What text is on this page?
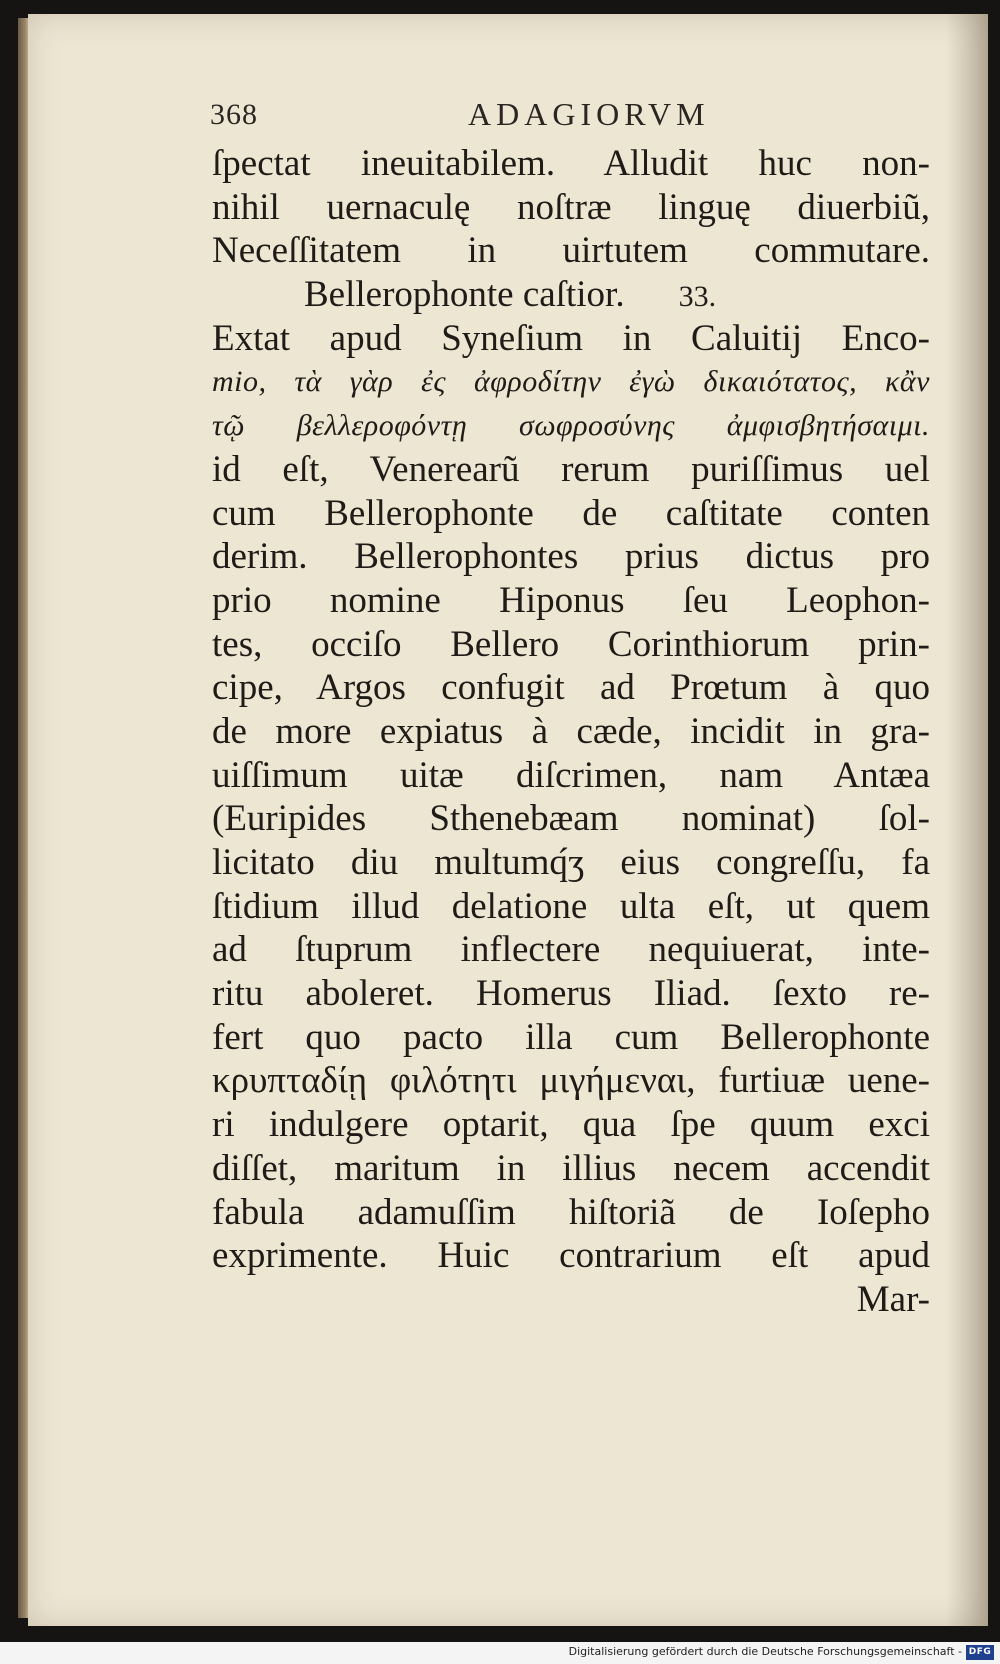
368	ADAGIORVM
ſpectat ineuitabilem. Alludit huc non-
nihil uernaculę noſtræ linguę diuerbiũ,
Neceſſitatem in uirtutem commutare.
Bellerophonte caſtior. 33.
Extat apud Syneſium in Caluitij Enco-
mio, τὰ γὰρ ἐς ἀφροδίτην ἐγὼ δικαιότατος, κἂν
τῷ βελλεροφόντῃ σωφροσύνης ἀμφισβητήσαιμι.
id eſt, Venerearũ rerum puriſſimus uel
cum Bellerophonte de caſtitate conten
derim. Bellerophontes prius dictus pro
prio nomine Hiponus ſeu Leophon-
tes, occiſo Bellero Corinthiorum prin-
cipe, Argos confugit ad Prœtum à quo
de more expiatus à cæde, incidit in gra-
uiſſimum uitæ diſcrimen, nam Antæa
(Euripides Sthenebæam nominat) ſol-
licitato diu multumq́ʒ eius congreſſu, fa
ſtidium illud delatione ulta eſt, ut quem
ad ſtuprum inflectere nequiuerat, inte-
ritu aboleret. Homerus Iliad. ſexto re-
fert quo pacto illa cum Bellerophonte
κρυπταδίῃ φιλότητι μιγήμεναι, furtiuæ uene-
ri indulgere optarit, qua ſpe quum exci
diſſet, maritum in illius necem accendit
fabula adamuſſim hiſtoriã de Ioſepho
exprimente. Huic contrarium eſt apud
Mar-
Digitalisierung gefördert durch die Deutsche Forschungsgemeinschaft - DFG
